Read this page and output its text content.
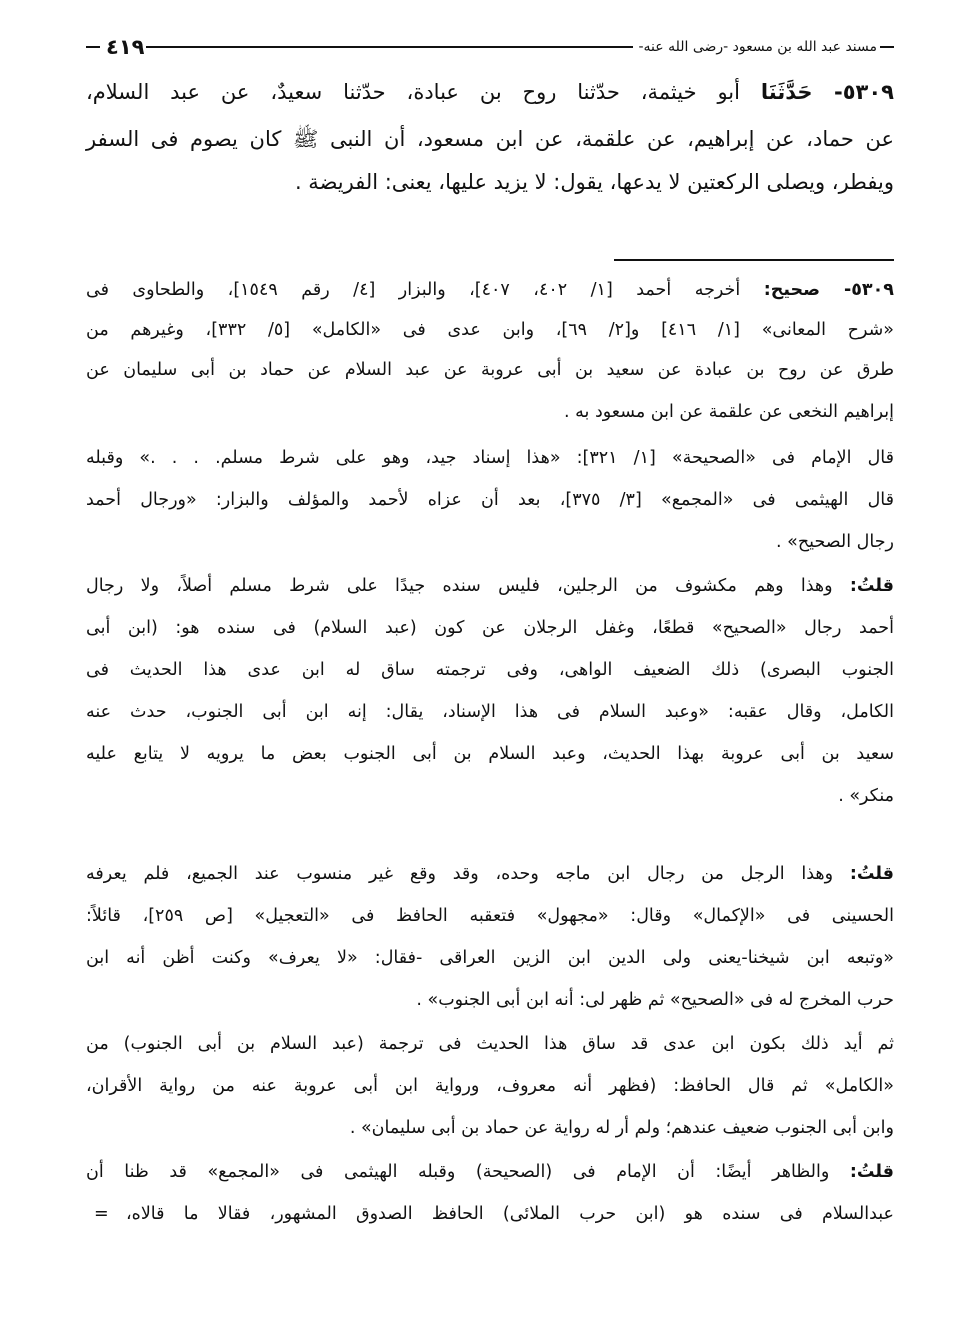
مسند عبد الله بن مسعود -رضى الله عنه-
٤١٩
٥٣٠٩- حَدَّثَنَا أبو خيثمة، حدّثنا روح بن عبادة، حدّثنا سعيدٌ، عن عبد السلام،
عن حماد، عن إبراهيم، عن علقمة، عن ابن مسعود، أن النبى ﷺ كان يصوم فى السفر
ويفطر، ويصلى الركعتين لا يدعها، يقول: لا يزيد عليها، يعنى: الفريضة .
٥٣٠٩- صحيح: أخرجه أحمد [١/ ٤٠٢، ٤٠٧]، والبزار [٤/ رقم ١٥٤٩]، والطحاوى فى
«شرح المعانى» [١/ ٤١٦] و[٢/ ٦٩]، وابن عدى فى «الكامل» [٥/ ٣٣٢]، وغيرهم من
طرق عن روح بن عبادة عن سعيد بن أبى عروبة عن عبد السلام عن حماد بن أبى سليمان عن
إبراهيم النخعى عن علقمة عن ابن مسعود به .
قال الإمام فى «الصحيحة» [١/ ٣٢١]: «هذا إسناد جيد، وهو على شرط مسلم. . . .» وقبله
قال الهيثمى فى «المجمع» [٣/ ٣٧٥]، بعد أن عزاه لأحمد والمؤلف والبزار: «ورجال أحمد
رجال الصحيح» .
قلتُ: وهذا وهم مكشوف من الرجلين، فليس سنده جيدًا على شرط مسلم أصلاً، ولا رجال
أحمد رجال «الصحيح» قطعًا، وغفل الرجلان عن كون (عبد السلام) فى سنده هو: (ابن أبى
الجنوب البصرى) ذلك الضعيف الواهى، وفى ترجمته ساق له ابن عدى هذا الحديث فى
الكامل، وقال عقبه: «وعبد السلام فى هذا الإسناد، يقال: إنه ابن أبى الجنوب، حدث عنه
سعيد بن أبى عروبة بهذا الحديث، وعبد السلام بن أبى الجنوب بعض ما يرويه لا يتابع عليه
منكر» .
قلتُ: وهذا الرجل من رجال ابن ماجه وحده، وقد وقع غير منسوب عند الجميع، فلم يعرفه
الحسينى فى «الإكمال» وقال: «مجهول» فتعقبه الحافظ فى «التعجيل» [ص ٢٥٩]، قائلاً:
«وتبعه ابن شيخنا-يعنى ولى الدين ابن الزين العراقى -فقال: «لا يعرف» وكنت أظن أنه ابن
حرب المخرج له فى «الصحيح» ثم ظهر لى: أنه ابن أبى الجنوب» .
ثم أيد ذلك بكون ابن عدى قد ساق هذا الحديث فى ترجمة (عبد السلام بن أبى الجنوب) من
«الكامل» ثم قال الحافظ: (فظهر أنه معروف، ورواية ابن أبى عروبة عنه من رواية الأقران،
وابن أبى الجنوب ضعيف عندهم؛ ولم أر له رواية عن حماد بن أبى سليمان» .
قلتُ: والظاهر أيضًا: أن الإمام فى (الصحيحة) وقبله الهيثمى فى «المجمع» قد ظنا أن
عبدالسلام فى سنده هو (ابن حرب الملائى) الحافظ الصدوق المشهور، فقالا ما قالاه،
=
